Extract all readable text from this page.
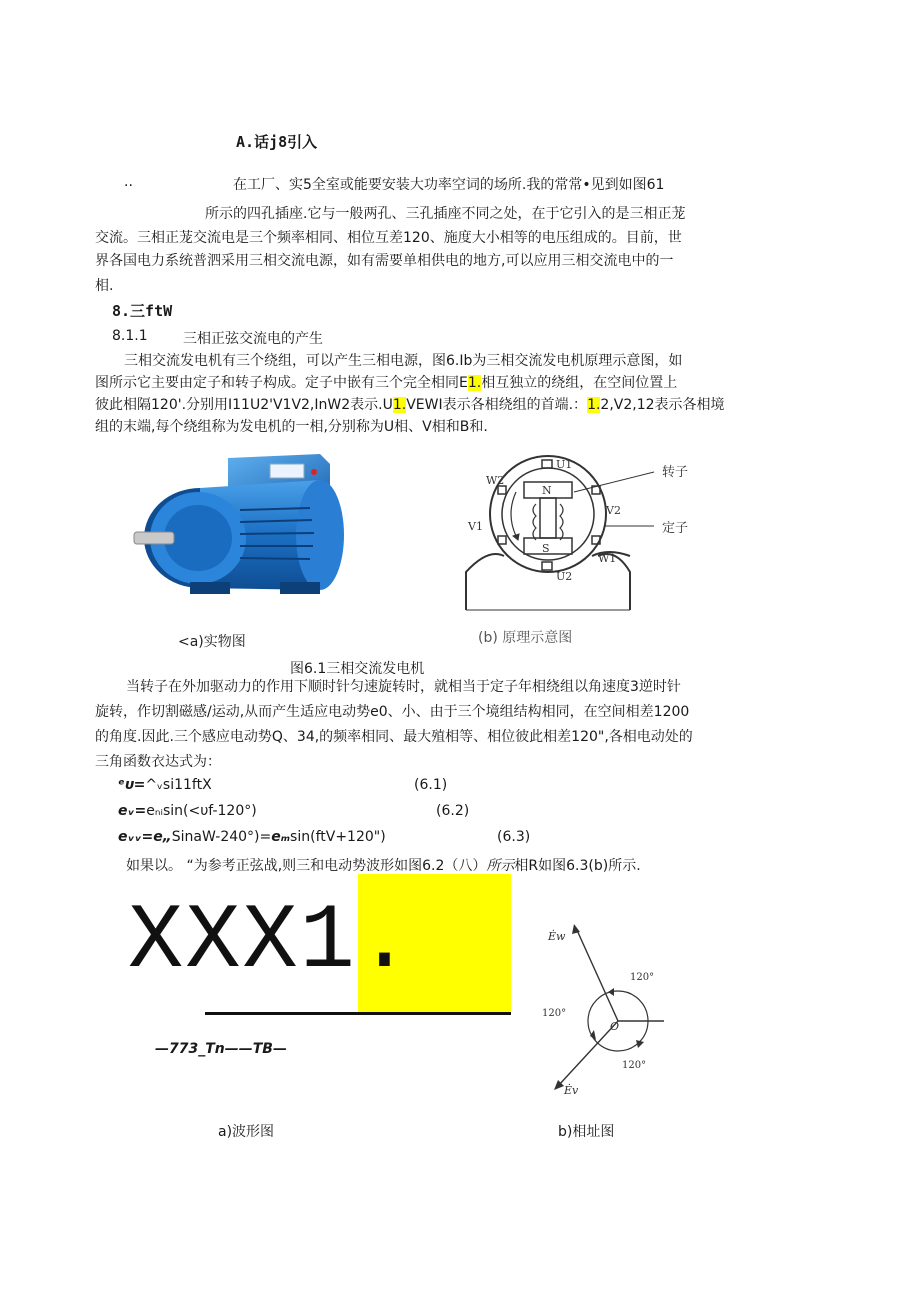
A.话j8引入
..	在工厂、实5全室或能要安装大功率空词的场所.我的常常•见到如图61
所示的四孔插座.它与一般两孔、三孔插座不同之处，在于它引入的是三相正茏
交流。三相正茏交流电是三个频率相同、相位互差120、施度大小相等的电压组成的。目前，世
界各国电力系统普泗采用三相交流电源，如有需要单相供电的地方,可以应用三相交流电中的一
相.
8.三ftW
8.1.1	三相正弦交流电的产生
三相交流发电机有三个绕组，可以产生三相电源，图6.Ib为三相交流发电机原理示意图，如
图所示它主要由定子和转子构成。定子中嵌有三个完全相同E1.相互独立的绕组，在空间位置上
彼此相隔120'.分别用I11U2'V1V2,InW2表示.U1.VEWI表示各相绕组的首端.：1.2,V2,12表示各相境
组的末端,每个绕组称为发电机的一相,分别称为U相、V相和B和.
U1
W2
V2
V1
W1
U2
N
S
转子
定子
<a)实物图	(b) 原理示意图
图6.1三相交流发电机
当转子在外加驱动力的作用下顺时针匀速旋转时，就相当于定子年相绕组以角速度3逆时针
旋转，作切割磁感/运动,从而产生适应电动势e0、小、由于三个境组结构相同，在空间相差1200
的角度.因此.三个感应电动势Q、34,的频率相同、最大殖相等、相位彼此相差120",各相电动处的
三角函数衣达式为：
ᵉᴜ=^ᵥsi11ftX	(6.1)
eᵥ=eₙᵢsin(<υf-120°)	(6.2)
eᵥᵥ=e„SinaW-240°)=eₘsin(ftV+120")	(6.3)
如果以。 “为参考正弦战,则三和电动势波形如图6.2（八）所示相R如图6.3(b)所示.
XXX1.
—773_Tn——TB—
Ėw
120°
120°
O
120°
Ėv
a)波形图	b)相址图
